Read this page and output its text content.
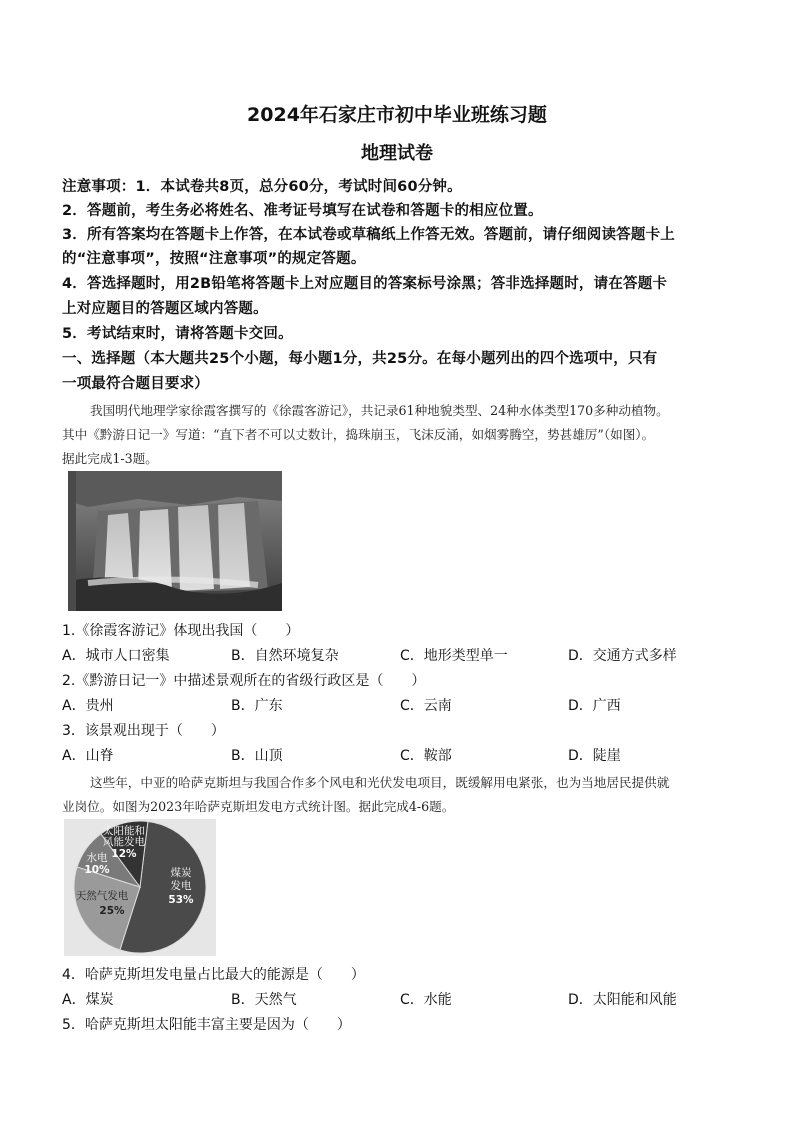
2024年石家庄市初中毕业班练习题
地理试卷
注意事项：1．本试卷共8页，总分60分，考试时间60分钟。
2．答题前，考生务必将姓名、准考证号填写在试卷和答题卡的相应位置。
3．所有答案均在答题卡上作答，在本试卷或草稿纸上作答无效。答题前，请仔细阅读答题卡上
的“注意事项”，按照“注意事项”的规定答题。
4．答选择题时，用2B铅笔将答题卡上对应题目的答案标号涂黑；答非选择题时，请在答题卡
上对应题目的答题区域内答题。
5．考试结束时，请将答题卡交回。
一、选择题（本大题共25个小题，每小题1分，共25分。在每小题列出的四个选项中，只有
一项最符合题目要求）
我国明代地理学家徐霞客撰写的《徐霞客游记》，共记录61种地貌类型、24种水体类型170多种动植物。
其中《黔游日记一》写道：“直下者不可以丈数计，捣珠崩玉，飞沫反涌，如烟雾腾空，势甚雄厉”（如图）。
据此完成1-3题。
1.《徐霞客游记》体现出我国（　　）
A．城市人口密集	B．自然环境复杂	C．地形类型单一	D．交通方式多样
2.《黔游日记一》中描述景观所在的省级行政区是（　　）
A．贵州	B．广东	C．云南	D．广西
3．该景观出现于（　　）
A．山脊	B．山顶	C．鞍部	D．陡崖
这些年，中亚的哈萨克斯坦与我国合作多个风电和光伏发电项目，既缓解用电紧张，也为当地居民提供就
业岗位。如图为2023年哈萨克斯坦发电方式统计图。据此完成4-6题。
煤炭
发电
53%
天然气发电
25%
水电
10%
太阳能和
风能发电
12%
4．哈萨克斯坦发电量占比最大的能源是（　　）
A．煤炭	B．天然气	C．水能	D．太阳能和风能
5．哈萨克斯坦太阳能丰富主要是因为（　　）
